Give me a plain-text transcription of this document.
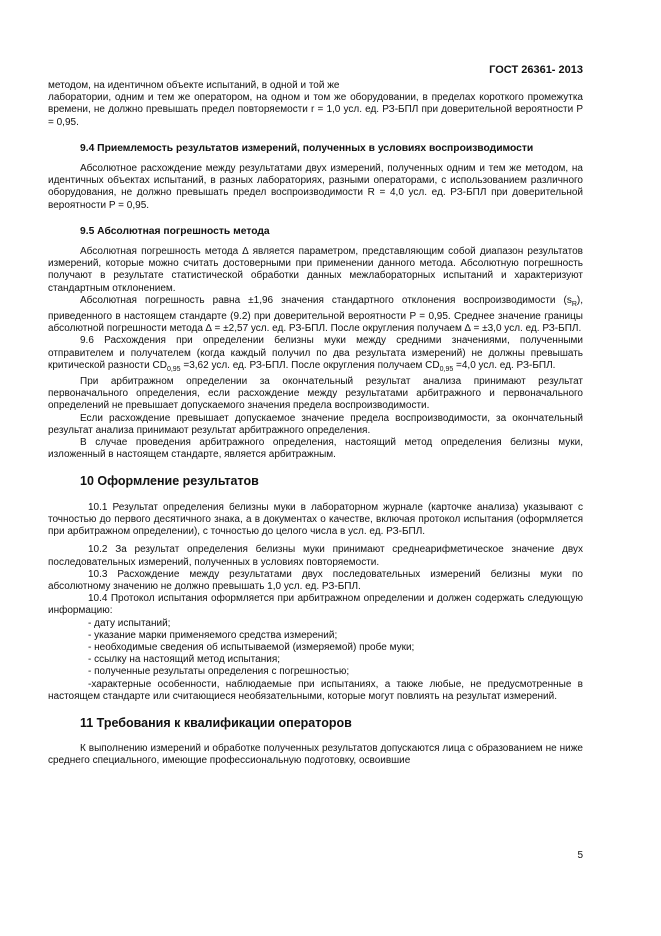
ГОСТ 26361- 2013

методом, на идентичном объекте испытаний, в одной и той же

лаборатории, одним и тем же оператором, на одном и том же оборудовании, в пределах короткого промежутка времени, не должно превышать предел повторяемости r = 1,0 усл. ед. РЗ-БПЛ при доверительной вероятности P = 0,95.

9.4 Приемлемость результатов измерений, полученных в условиях воспроизводимости

Абсолютное расхождение между результатами двух измерений, полученных одним и тем же методом, на идентичных объектах испытаний, в разных лабораториях, разными операторами, с использованием различного оборудования, не должно превышать предел воспроизводимости R = 4,0 усл. ед. РЗ-БПЛ при доверительной вероятности P = 0,95.

9.5 Абсолютная погрешность метода

Абсолютная погрешность метода ∆ является параметром, представляющим собой диапазон результатов измерений, которые можно считать достоверными при применении данного метода. Абсолютную погрешность получают в результате статистической обработки данных межлабораторных испытаний и характеризуют стандартным отклонением.

Абсолютная погрешность равна ±1,96 значения стандартного отклонения воспроизводимости $(s_R)$, приведенного в настоящем стандарте (9.2) при доверительной вероятности P = 0,95. Среднее значение границы абсолютной погрешности метода ∆ = ±2,57 усл. ед. РЗ-БПЛ. После округления получаем ∆ = ±3,0 усл. ед. РЗ-БПЛ.

9.6 Расхождения при определении белизны муки между средними значениями, полученными отправителем и получателем (когда каждый получил по два результата измерений) не должны превышать критической разности $CD_{0,95} =3,62$ усл. ед. РЗ-БПЛ. После округления получаем $CD_{0,95} =4,0$ усл. ед. РЗ-БПЛ.

При арбитражном определении за окончательный результат анализа принимают результат первоначального определения, если расхождение между результатами арбитражного и первоначального определений не превышает допускаемого значения предела воспроизводимости.

Если расхождение превышает допускаемое значение предела воспроизводимости, за окончательный результат анализа принимают результат арбитражного определения.

В случае проведения арбитражного определения, настоящий метод определения белизны муки, изложенный в настоящем стандарте, является арбитражным.

10 Оформление результатов

10.1 Результат определения белизны муки в лабораторном журнале (карточке анализа) указывают с точностью до первого десятичного знака, а в документах о качестве, включая протокол испытания (оформляется при арбитражном определении), с точностью до целого числа в усл. ед. РЗ-БПЛ.

10.2 За результат определения белизны муки принимают среднеарифметическое значение двух последовательных измерений, полученных в условиях повторяемости.

10.3 Расхождение между результатами двух последовательных измерений белизны муки по абсолютному значению не должно превышать 1,0 усл. ед. РЗ-БПЛ.

10.4 Протокол испытания оформляется при арбитражном определении и должен содержать следующую информацию:

- дату испытаний;

- указание марки применяемого средства измерений;

- необходимые сведения об испытываемой (измеряемой) пробе муки;

- ссылку на настоящий метод испытания;

- полученные результаты определения с погрешностью;

-характерные особенности, наблюдаемые при испытаниях, а также любые, не предусмотренные в настоящем стандарте или считающиеся необязательными, которые могут повлиять на результат измерений.

11 Требования к квалификации операторов

К выполнению измерений и обработке полученных результатов допускаются лица с образованием не ниже среднего специального, имеющие профессиональную подготовку, освоившие

5
